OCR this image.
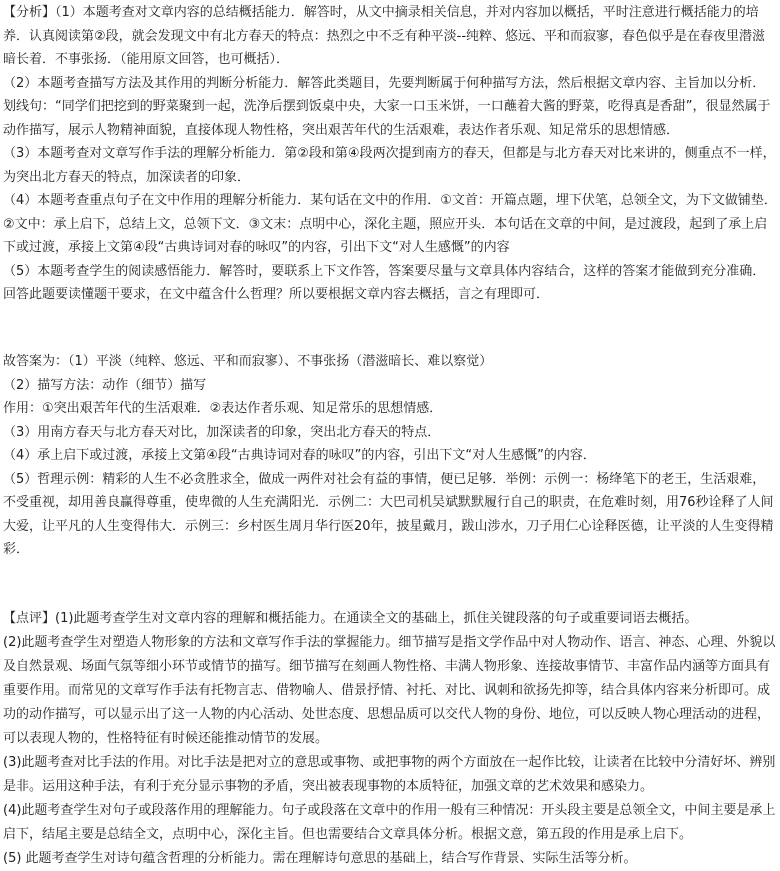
【分析】（1）本题考查对文章内容的总结概括能力．解答时，从文中摘录相关信息，并对内容加以概括，平时注意进行概括能力的培养．认真阅读第②段，就会发现文中有北方春天的特点：热烈之中不乏有种平淡--纯粹、悠远、平和而寂寥，春色似乎是在春夜里潜滋暗长着．不事张扬．（能用原文回答，也可概括）．

（2）本题考查描写方法及其作用的判断分析能力．解答此类题目，先要判断属于何种描写方法，然后根据文章内容、主旨加以分析．划线句：“同学们把挖到的野菜聚到一起，洗净后摆到饭桌中央，大家一口玉米饼，一口蘸着大酱的野菜，吃得真是香甜”，很显然属于动作描写，展示人物精神面貌，直接体现人物性格，突出艰苦年代的生活艰难，表达作者乐观、知足常乐的思想情感．

（3）本题考查对文章写作手法的理解分析能力．第②段和第④段两次提到南方的春天，但都是与北方春天对比来讲的，侧重点不一样，为突出北方春天的特点，加深读者的印象．

（4）本题考查重点句子在文中作用的理解分析能力．某句话在文中的作用．①文首：开篇点题，埋下伏笔，总领全文，为下文做铺垫．②文中：承上启下，总结上文，总领下文．③文末：点明中心，深化主题，照应开头．本句话在文章的中间，是过渡段，起到了承上启下或过渡，承接上文第④段“古典诗词对春的咏叹”的内容，引出下文“对人生感慨”的内容

（5）本题考查学生的阅读感悟能力．解答时，要联系上下文作答，答案要尽量与文章具体内容结合，这样的答案才能做到充分准确．回答此题要读懂题干要求，在文中蕴含什么哲理？所以要根据文章内容去概括，言之有理即可．

故答案为：（1）平淡（纯粹、悠远、平和而寂寥）、不事张扬（潜滋暗长、难以察觉）

（2）描写方法：动作（细节）描写

作用：①突出艰苦年代的生活艰难．②表达作者乐观、知足常乐的思想情感．

（3）用南方春天与北方春天对比，加深读者的印象，突出北方春天的特点．

（4）承上启下或过渡，承接上文第④段“古典诗词对春的咏叹”的内容，引出下文“对人生感慨”的内容．

（5）哲理示例：精彩的人生不必贪胜求全，做成一两件对社会有益的事情，便已足够．举例：示例一：杨绛笔下的老王，生活艰难，不受重视，却用善良赢得尊重，使卑微的人生充满阳光．示例二：大巴司机吴斌默默履行自己的职责，在危难时刻，用76秒诠释了人间大爱，让平凡的人生变得伟大．示例三：乡村医生周月华行医20年，披星戴月，跋山涉水，刀子用仁心诠释医德，让平淡的人生变得精彩．

【点评】(1)此题考查学生对文章内容的理解和概括能力。在通读全文的基础上，抓住关键段落的句子或重要词语去概括。

(2)此题考查学生对塑造人物形象的方法和文章写作手法的掌握能力。细节描写是指文学作品中对人物动作、语言、神态、心理、外貌以及自然景观、场面气氛等细小环节或情节的描写。细节描写在刻画人物性格、丰满人物形象、连接故事情节、丰富作品内涵等方面具有重要作用。而常见的文章写作手法有托物言志、借物喻人、借景抒情、衬托、对比、讽刺和欲扬先抑等，结合具体内容来分析即可。成功的动作描写，可以显示出了这一人物的内心活动、处世态度、思想品质可以交代人物的身份、地位，可以反映人物心理活动的进程，可以表现人物的，性格特征有时候还能推动情节的发展。

(3)此题考查对比手法的作用。对比手法是把对立的意思或事物、或把事物的两个方面放在一起作比较，让读者在比较中分清好坏、辨别是非。运用这种手法，有利于充分显示事物的矛盾，突出被表现事物的本质特征，加强文章的艺术效果和感染力。

(4)此题考查学生对句子或段落作用的理解能力。句子或段落在文章中的作用一般有三种情况：开头段主要是总领全文，中间主要是承上启下，结尾主要是总结全文，点明中心，深化主旨。但也需要结合文章具体分析。根据文意，第五段的作用是承上启下。

(5) 此题考查学生对诗句蕴含哲理的分析能力。需在理解诗句意思的基础上，结合写作背景、实际生活等分析。
